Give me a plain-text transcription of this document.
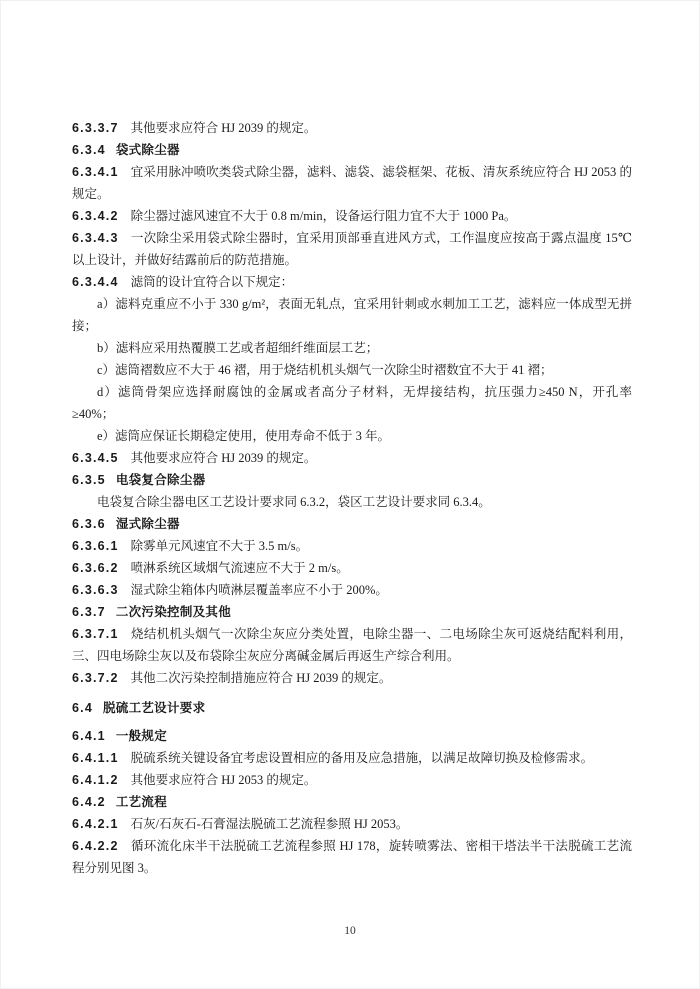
6.3.3.7 其他要求应符合 HJ 2039 的规定。

6.3.4 袋式除尘器

6.3.4.1 宜采用脉冲喷吹类袋式除尘器，滤料、滤袋、滤袋框架、花板、清灰系统应符合 HJ 2053 的规定。

6.3.4.2 除尘器过滤风速宜不大于 0.8 m/min，设备运行阻力宜不大于 1000 Pa。

6.3.4.3 一次除尘采用袋式除尘器时，宜采用顶部垂直进风方式，工作温度应按高于露点温度 15℃以上设计，并做好结露前后的防范措施。

6.3.4.4 滤筒的设计宜符合以下规定：

a）滤料克重应不小于 330 g/m²，表面无轧点，宜采用针刺或水刺加工工艺，滤料应一体成型无拼接；

b）滤料应采用热覆膜工艺或者超细纤维面层工艺；

c）滤筒褶数应不大于 46 褶，用于烧结机机头烟气一次除尘时褶数宜不大于 41 褶；

d）滤筒骨架应选择耐腐蚀的金属或者高分子材料，无焊接结构，抗压强力≥450 N，开孔率≥40%；

e）滤筒应保证长期稳定使用，使用寿命不低于 3 年。

6.3.4.5 其他要求应符合 HJ 2039 的规定。

6.3.5 电袋复合除尘器

电袋复合除尘器电区工艺设计要求同 6.3.2，袋区工艺设计要求同 6.3.4。

6.3.6 湿式除尘器

6.3.6.1 除雾单元风速宜不大于 3.5 m/s。

6.3.6.2 喷淋系统区域烟气流速应不大于 2 m/s。

6.3.6.3 湿式除尘箱体内喷淋层覆盖率应不小于 200%。

6.3.7 二次污染控制及其他

6.3.7.1 烧结机机头烟气一次除尘灰应分类处置，电除尘器一、二电场除尘灰可返烧结配料利用，三、四电场除尘灰以及布袋除尘灰应分离碱金属后再返生产综合利用。

6.3.7.2 其他二次污染控制措施应符合 HJ 2039 的规定。

6.4 脱硫工艺设计要求

6.4.1 一般规定

6.4.1.1 脱硫系统关键设备宜考虑设置相应的备用及应急措施，以满足故障切换及检修需求。

6.4.1.2 其他要求应符合 HJ 2053 的规定。

6.4.2 工艺流程

6.4.2.1 石灰/石灰石-石膏湿法脱硫工艺流程参照 HJ 2053。

6.4.2.2 循环流化床半干法脱硫工艺流程参照 HJ 178，旋转喷雾法、密相干塔法半干法脱硫工艺流程分别见图 3。

10
